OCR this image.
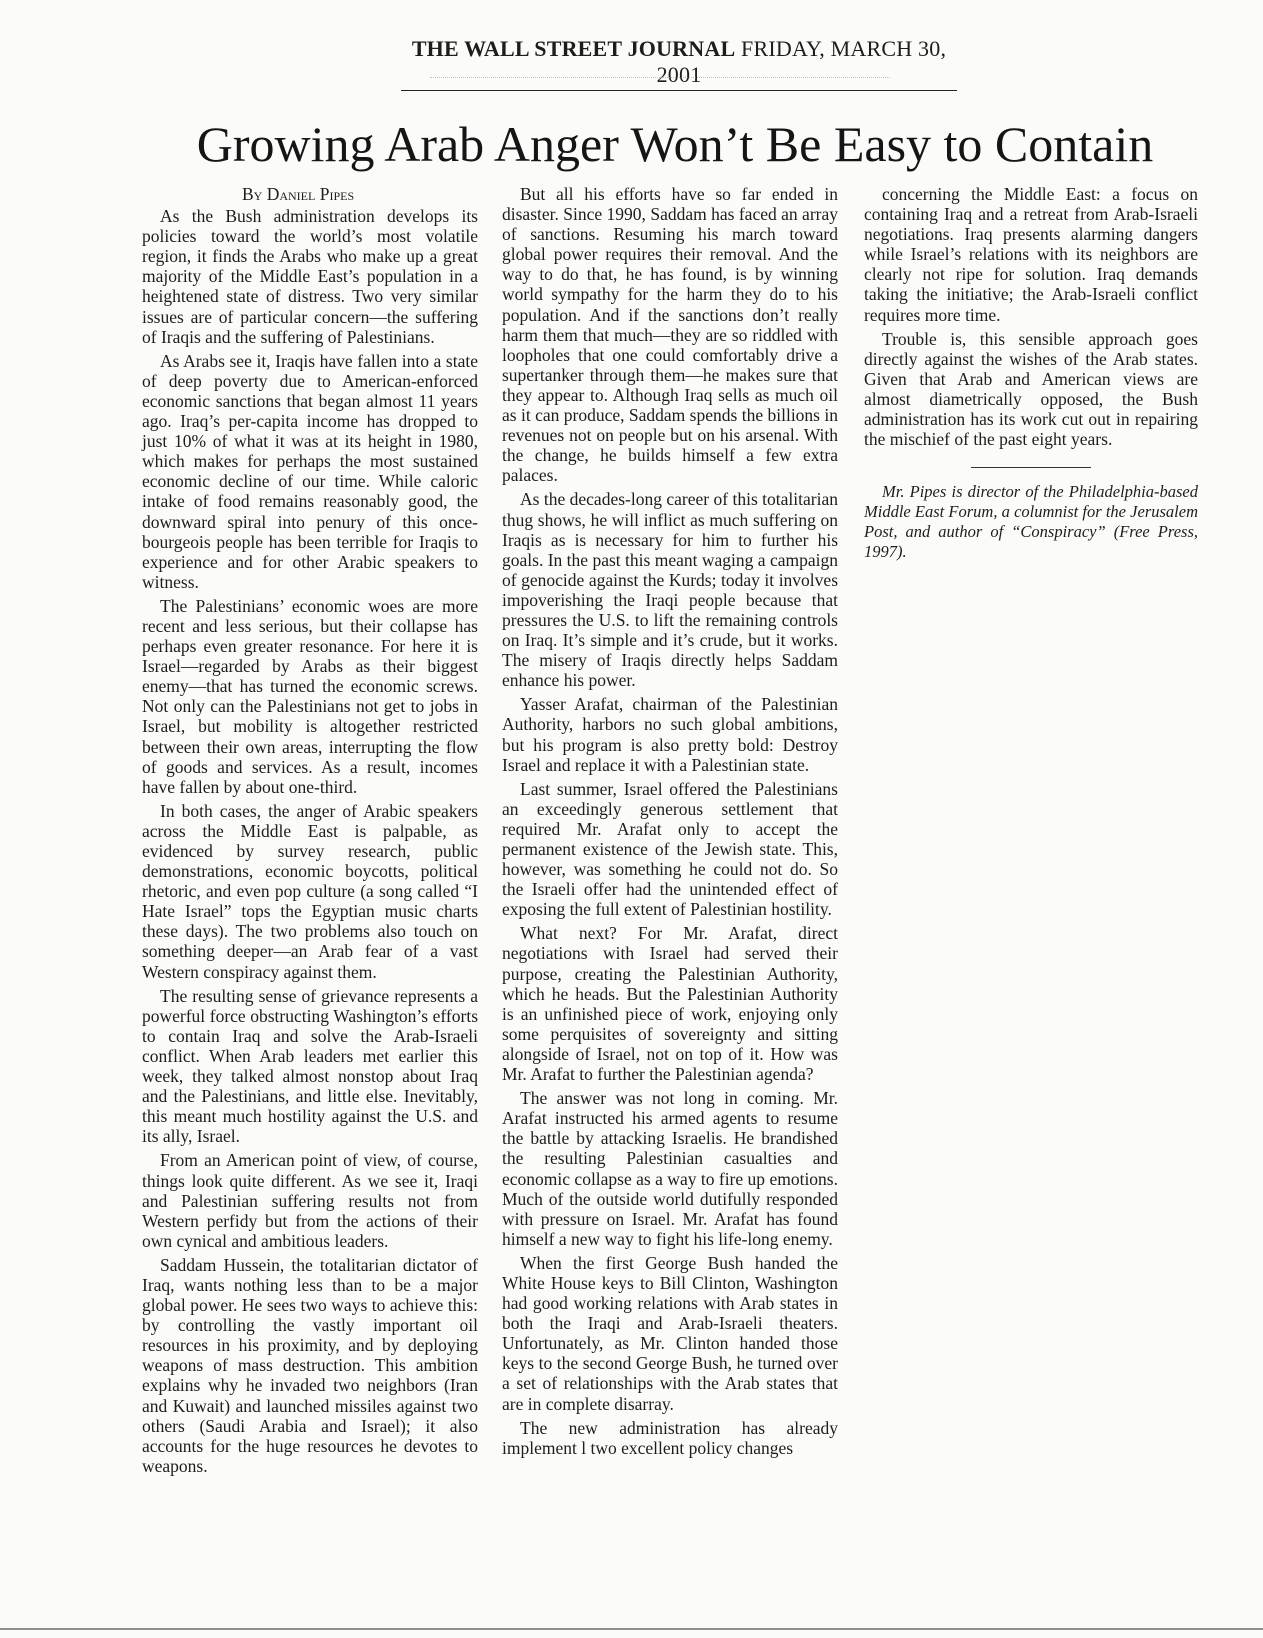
THE WALL STREET JOURNAL FRIDAY, MARCH 30, 2001
Growing Arab Anger Won’t Be Easy to Contain
By Daniel Pipes

As the Bush administration develops its policies toward the world’s most volatile region, it finds the Arabs who make up a great majority of the Middle East’s population in a heightened state of distress. Two very similar issues are of particular concern—the suffering of Iraqis and the suffering of Palestinians.

As Arabs see it, Iraqis have fallen into a state of deep poverty due to American-enforced economic sanctions that began almost 11 years ago. Iraq’s per-capita income has dropped to just 10% of what it was at its height in 1980, which makes for perhaps the most sustained economic decline of our time. While caloric intake of food remains reasonably good, the downward spiral into penury of this once-bourgeois people has been terrible for Iraqis to experience and for other Arabic speakers to witness.

The Palestinians’ economic woes are more recent and less serious, but their collapse has perhaps even greater resonance. For here it is Israel—regarded by Arabs as their biggest enemy—that has turned the economic screws. Not only can the Palestinians not get to jobs in Israel, but mobility is altogether restricted between their own areas, interrupting the flow of goods and services. As a result, incomes have fallen by about one-third.

In both cases, the anger of Arabic speakers across the Middle East is palpable, as evidenced by survey research, public demonstrations, economic boycotts, political rhetoric, and even pop culture (a song called “I Hate Israel” tops the Egyptian music charts these days). The two problems also touch on something deeper—an Arab fear of a vast Western conspiracy against them.

The resulting sense of grievance represents a powerful force obstructing Washington’s efforts to contain Iraq and solve the Arab-Israeli conflict. When Arab leaders met earlier this week, they talked almost nonstop about Iraq and the Palestinians, and little else. Inevitably, this meant much hostility against the U.S. and its ally, Israel.

From an American point of view, of course, things look quite different. As we see it, Iraqi and Palestinian suffering results not from Western perfidy but from the actions of their own cynical and ambitious leaders.

Saddam Hussein, the totalitarian dictator of Iraq, wants nothing less than to be a major global power. He sees two ways to achieve this: by controlling the vastly important oil resources in his proximity, and by deploying weapons of mass destruction. This ambition explains why he invaded two neighbors (Iran and Kuwait) and launched missiles against two others (Saudi Arabia and Israel); it also accounts for the huge resources he devotes to weapons.

But all his efforts have so far ended in disaster. Since 1990, Saddam has faced an array of sanctions. Resuming his march toward global power requires their removal. And the way to do that, he has found, is by winning world sympathy for the harm they do to his population. And if the sanctions don’t really harm them that much—they are so riddled with loopholes that one could comfortably drive a supertanker through them—he makes sure that they appear to. Although Iraq sells as much oil as it can produce, Saddam spends the billions in revenues not on people but on his arsenal. With the change, he builds himself a few extra palaces.

As the decades-long career of this totalitarian thug shows, he will inflict as much suffering on Iraqis as is necessary for him to further his goals. In the past this meant waging a campaign of genocide against the Kurds; today it involves impoverishing the Iraqi people because that pressures the U.S. to lift the remaining controls on Iraq. It’s simple and it’s crude, but it works. The misery of Iraqis directly helps Saddam enhance his power.

Yasser Arafat, chairman of the Palestinian Authority, harbors no such global ambitions, but his program is also pretty bold: Destroy Israel and replace it with a Palestinian state.

Last summer, Israel offered the Palestinians an exceedingly generous settlement that required Mr. Arafat only to accept the permanent existence of the Jewish state. This, however, was something he could not do. So the Israeli offer had the unintended effect of exposing the full extent of Palestinian hostility.

What next? For Mr. Arafat, direct negotiations with Israel had served their purpose, creating the Palestinian Authority, which he heads. But the Palestinian Authority is an unfinished piece of work, enjoying only some perquisites of sovereignty and sitting alongside of Israel, not on top of it. How was Mr. Arafat to further the Palestinian agenda?

The answer was not long in coming. Mr. Arafat instructed his armed agents to resume the battle by attacking Israelis. He brandished the resulting Palestinian casualties and economic collapse as a way to fire up emotions. Much of the outside world dutifully responded with pressure on Israel. Mr. Arafat has found himself a new way to fight his life-long enemy.

When the first George Bush handed the White House keys to Bill Clinton, Washington had good working relations with Arab states in both the Iraqi and Arab-Israeli theaters. Unfortunately, as Mr. Clinton handed those keys to the second George Bush, he turned over a set of relationships with the Arab states that are in complete disarray.

The new administration has already implement l two excellent policy changes

concerning the Middle East: a focus on containing Iraq and a retreat from Arab-Israeli negotiations. Iraq presents alarming dangers while Israel’s relations with its neighbors are clearly not ripe for solution. Iraq demands taking the initiative; the Arab-Israeli conflict requires more time.

Trouble is, this sensible approach goes directly against the wishes of the Arab states. Given that Arab and American views are almost diametrically opposed, the Bush administration has its work cut out in repairing the mischief of the past eight years.

Mr. Pipes is director of the Philadelphia-based Middle East Forum, a columnist for the Jerusalem Post, and author of “Conspiracy” (Free Press, 1997).
